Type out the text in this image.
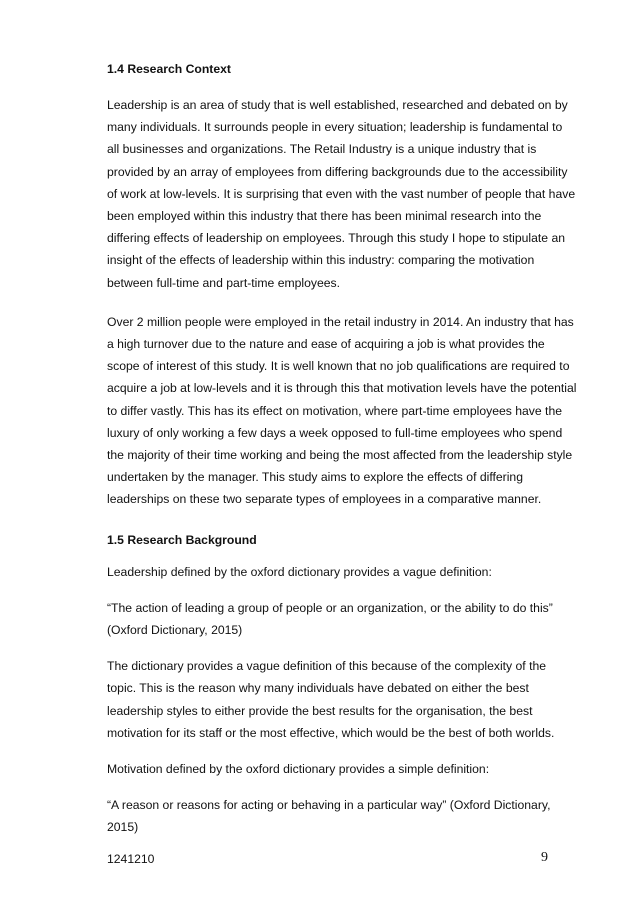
1.4 Research Context

Leadership is an area of study that is well established, researched and debated on by
many individuals. It surrounds people in every situation; leadership is fundamental to
all businesses and organizations. The Retail Industry is a unique industry that is
provided by an array of employees from differing backgrounds due to the accessibility
of work at low-levels. It is surprising that even with the vast number of people that have
been employed within this industry that there has been minimal research into the
differing effects of leadership on employees. Through this study I hope to stipulate an
insight of the effects of leadership within this industry: comparing the motivation
between full-time and part-time employees.

Over 2 million people were employed in the retail industry in 2014. An industry that has
a high turnover due to the nature and ease of acquiring a job is what provides the
scope of interest of this study. It is well known that no job qualifications are required to
acquire a job at low-levels and it is through this that motivation levels have the potential
to differ vastly. This has its effect on motivation, where part-time employees have the
luxury of only working a few days a week opposed to full-time employees who spend
the majority of their time working and being the most affected from the leadership style
undertaken by the manager. This study aims to explore the effects of differing
leaderships on these two separate types of employees in a comparative manner.

1.5 Research Background

Leadership defined by the oxford dictionary provides a vague definition:

“The action of leading a group of people or an organization, or the ability to do this”
(Oxford Dictionary, 2015)

The dictionary provides a vague definition of this because of the complexity of the
topic. This is the reason why many individuals have debated on either the best
leadership styles to either provide the best results for the organisation, the best
motivation for its staff or the most effective, which would be the best of both worlds.

Motivation defined by the oxford dictionary provides a simple definition:

“A reason or reasons for acting or behaving in a particular way” (Oxford Dictionary,
2015)

1241210	9
